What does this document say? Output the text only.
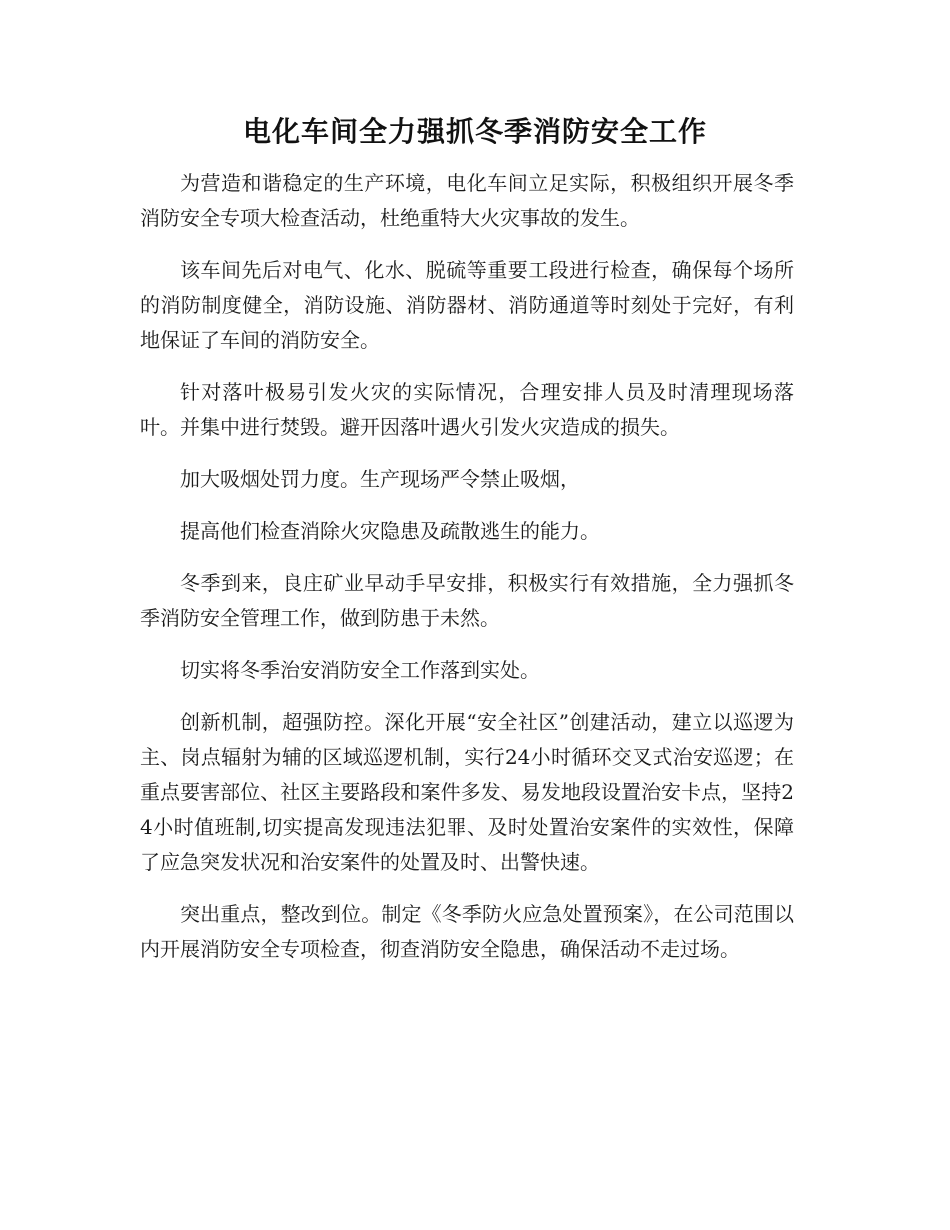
电化车间全力强抓冬季消防安全工作

为营造和谐稳定的生产环境，电化车间立足实际，积极组织开展冬季消防安全专项大检查活动，杜绝重特大火灾事故的发生。

该车间先后对电气、化水、脱硫等重要工段进行检查，确保每个场所的消防制度健全，消防设施、消防器材、消防通道等时刻处于完好，有利地保证了车间的消防安全。

针对落叶极易引发火灾的实际情况，合理安排人员及时清理现场落叶。并集中进行焚毁。避开因落叶遇火引发火灾造成的损失。

加大吸烟处罚力度。生产现场严令禁止吸烟，

提高他们检查消除火灾隐患及疏散逃生的能力。

冬季到来，良庄矿业早动手早安排，积极实行有效措施，全力强抓冬季消防安全管理工作，做到防患于未然。

切实将冬季治安消防安全工作落到实处。

创新机制，超强防控。深化开展“安全社区”创建活动，建立以巡逻为主、岗点辐射为辅的区域巡逻机制，实行24小时循环交叉式治安巡逻；在重点要害部位、社区主要路段和案件多发、易发地段设置治安卡点，坚持24小时值班制,切实提高发现违法犯罪、及时处置治安案件的实效性，保障了应急突发状况和治安案件的处置及时、出警快速。

突出重点，整改到位。制定《冬季防火应急处置预案》，在公司范围以内开展消防安全专项检查，彻查消防安全隐患，确保活动不走过场。
